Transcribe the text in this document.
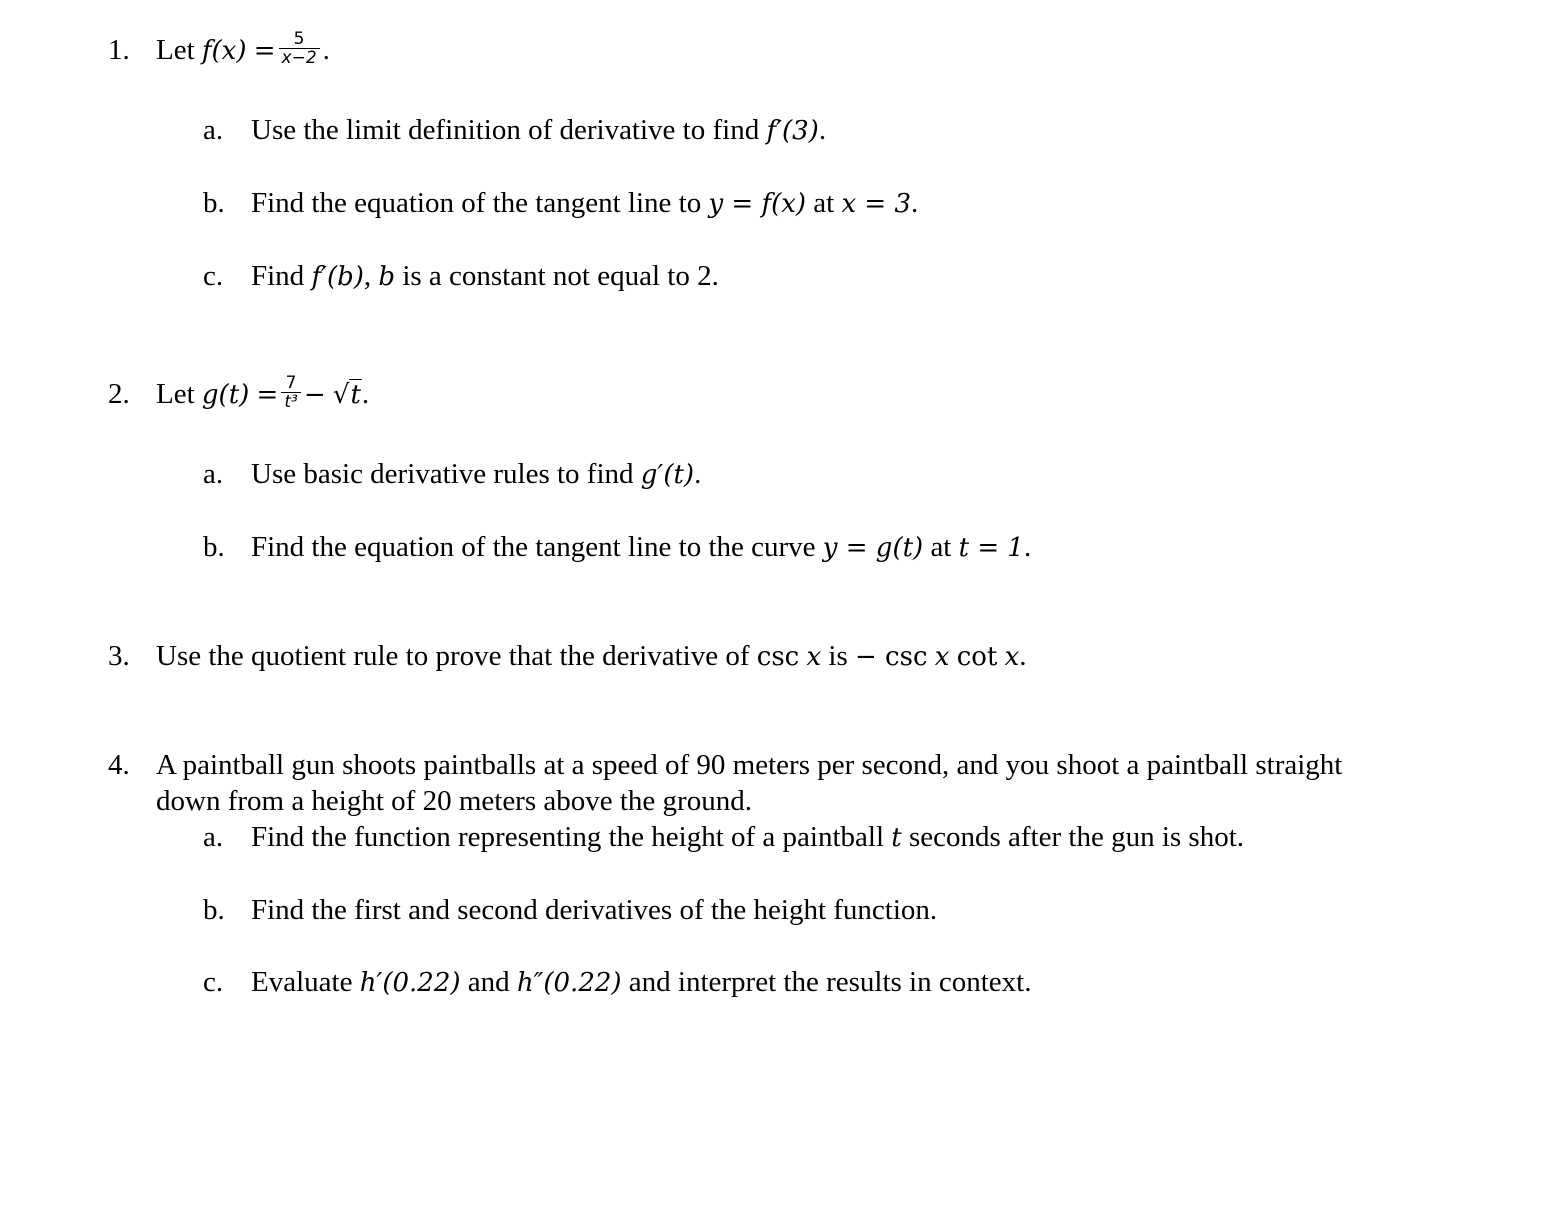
1. Let $f(x) = \frac{5}{x-2}$ .
a. Use the limit definition of derivative to find f′(3).
b. Find the equation of the tangent line to y = f(x) at x = 3.
c. Find f′(b), b is a constant not equal to 2.
2. Let $g(t) = \frac{7}{\text{t³}} - √t$.
a. Use basic derivative rules to find g′(t).
b. Find the equation of the tangent line to the curve y = g(t) at t = 1.
3. Use the quotient rule to prove that the derivative of csc x is − csc x cot x.
4. A paintball gun shoots paintballs at a speed of 90 meters per second, and you shoot a paintball straight
down from a height of 20 meters above the ground.
a. Find the function representing the height of a paintball t seconds after the gun is shot.
b. Find the first and second derivatives of the height function.
c. Evaluate h′(0.22) and h″(0.22) and interpret the results in context.
